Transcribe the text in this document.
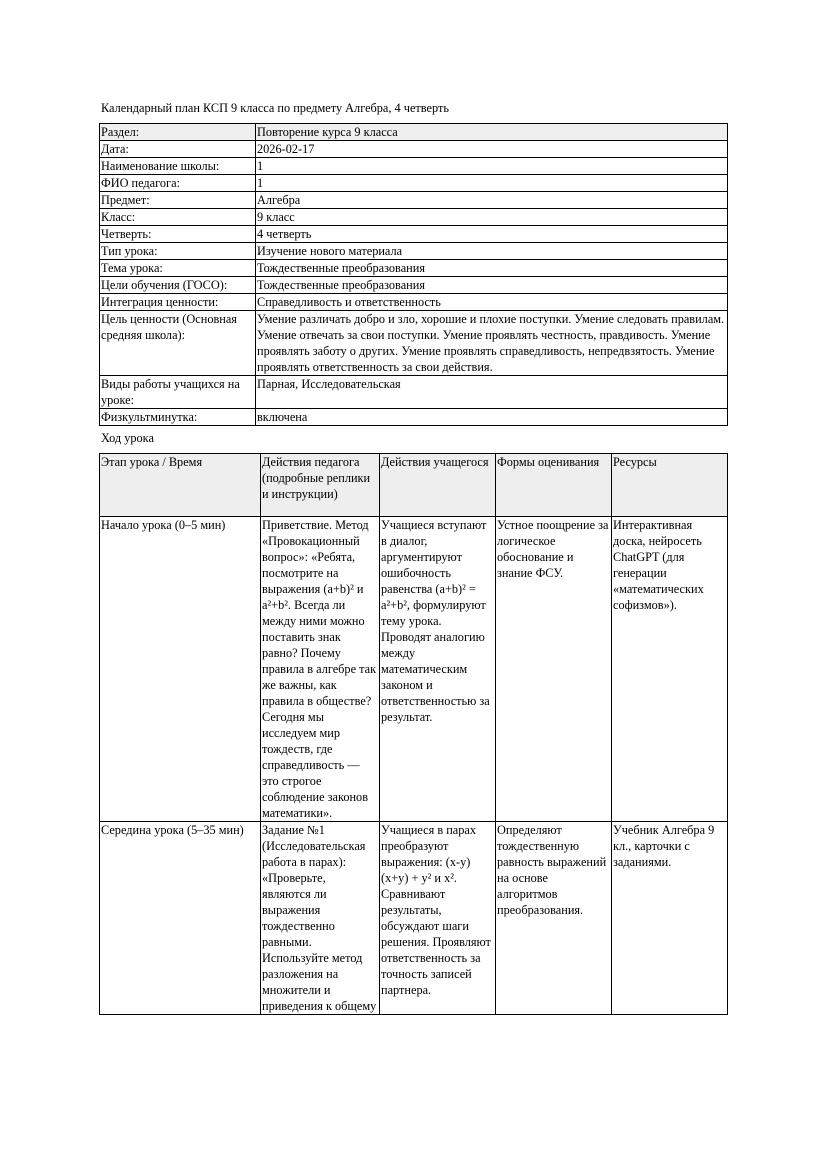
Календарный план КСП 9 класса по предмету Алгебра, 4 четверть
Раздел:	Повторение курса 9 класса
Дата:	2026-02-17
Наименование школы:	1
ФИО педагога:	1
Предмет:	Алгебра
Класс:	9 класс
Четверть:	4 четверть
Тип урока:	Изучение нового материала
Тема урока:	Тождественные преобразования
Цели обучения (ГОСО):	Тождественные преобразования
Интеграция ценности:	Справедливость и ответственность
Цель ценности (Основная средняя школа):	Умение различать добро и зло, хорошие и плохие поступки. Умение следовать правилам. Умение отвечать за свои поступки. Умение проявлять честность, правдивость. Умение проявлять заботу о других. Умение проявлять справедливость, непредвзятость. Умение проявлять ответственность за свои действия.
Виды работы учащихся на уроке:	Парная, Исследовательская
Физкультминутка:	включена
Ход урока
Этап урока / Время	Действия педагога (подробные реплики и инструкции)	Действия учащегося	Формы оценивания	Ресурсы
Начало урока (0–5 мин)	Приветствие. Метод «Провокационный вопрос»: «Ребята, посмотрите на выражения (a+b)² и a²+b². Всегда ли между ними можно поставить знак равно? Почему правила в алгебре так же важны, как правила в обществе? Сегодня мы исследуем мир тождеств, где справедливость — это строгое соблюдение законов математики».	Учащиеся вступают в диалог, аргументируют ошибочность равенства (a+b)² = a²+b², формулируют тему урока. Проводят аналогию между математическим законом и ответственностью за результат.	Устное поощрение за логическое обоснование и знание ФСУ.	Интерактивная доска, нейросеть ChatGPT (для генерации «математических софизмов»).
Середина урока (5–35 мин)	Задание №1 (Исследовательская работа в парах): «Проверьте, являются ли выражения тождественно равными. Используйте метод разложения на множители и приведения к общему	Учащиеся в парах преобразуют выражения: (x-y)(x+y) + y² и x². Сравнивают результаты, обсуждают шаги решения. Проявляют ответственность за точность записей партнера.	Определяют тождественную равность выражений на основе алгоритмов преобразования.	Учебник Алгебра 9 кл., карточки с заданиями.
